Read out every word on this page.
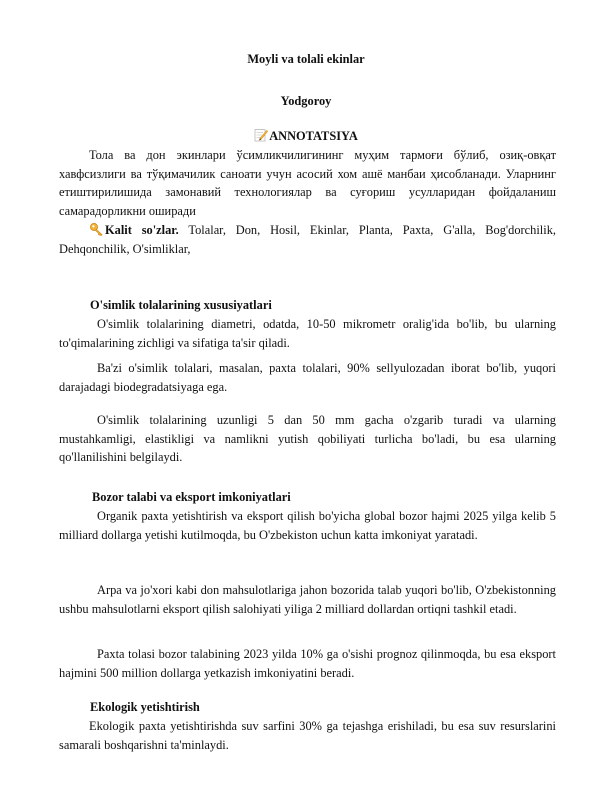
Moyli va tolali ekinlar
Yodgoroy
ANNOTATSIYA

Тола ва дон экинлари ўсимликчилигининг муҳим тармоғи бўлиб, озиқ-овқат хавфсизлиги ва тўқимачилик саноати учун асосий хом ашё манбаи ҳисобланади. Уларнинг етиштирилишида замонавий технологиялар ва суғориш усулларидан фойдаланиш самарадорликни оширади

Kalit so'zlar. Tolalar, Don, Hosil, Ekinlar, Planta, Paxta, G'alla, Bog'dorchilik, Dehqonchilik, O'simliklar,

O'simlik tolalarining xususiyatlari

O'simlik tolalarining diametri, odatda, 10-50 mikrometr oralig'ida bo'lib, bu ularning to'qimalarining zichligi va sifatiga ta'sir qiladi.

Ba'zi o'simlik tolalari, masalan, paxta tolalari, 90% sellyulozadan iborat bo'lib, yuqori darajadagi biodegradatsiyaga ega.

O'simlik tolalarining uzunligi 5 dan 50 mm gacha o'zgarib turadi va ularning mustahkamligi, elastikligi va namlikni yutish qobiliyati turlicha bo'ladi, bu esa ularning qo'llanilishini belgilaydi.

Bozor talabi va eksport imkoniyatlari

Organik paxta yetishtirish va eksport qilish bo'yicha global bozor hajmi 2025 yilga kelib 5 milliard dollarga yetishi kutilmoqda, bu O'zbekiston uchun katta imkoniyat yaratadi.

Arpa va jo'xori kabi don mahsulotlariga jahon bozorida talab yuqori bo'lib, O'zbekistonning ushbu mahsulotlarni eksport qilish salohiyati yiliga 2 milliard dollardan ortiqni tashkil etadi.

Paxta tolasi bozor talabining 2023 yilda 10% ga o'sishi prognoz qilinmoqda, bu esa eksport hajmini 500 million dollarga yetkazish imkoniyatini beradi.

Ekologik yetishtirish

Ekologik paxta yetishtirishda suv sarfini 30% ga tejashga erishiladi, bu esa suv resurslarini samarali boshqarishni ta'minlaydi.
